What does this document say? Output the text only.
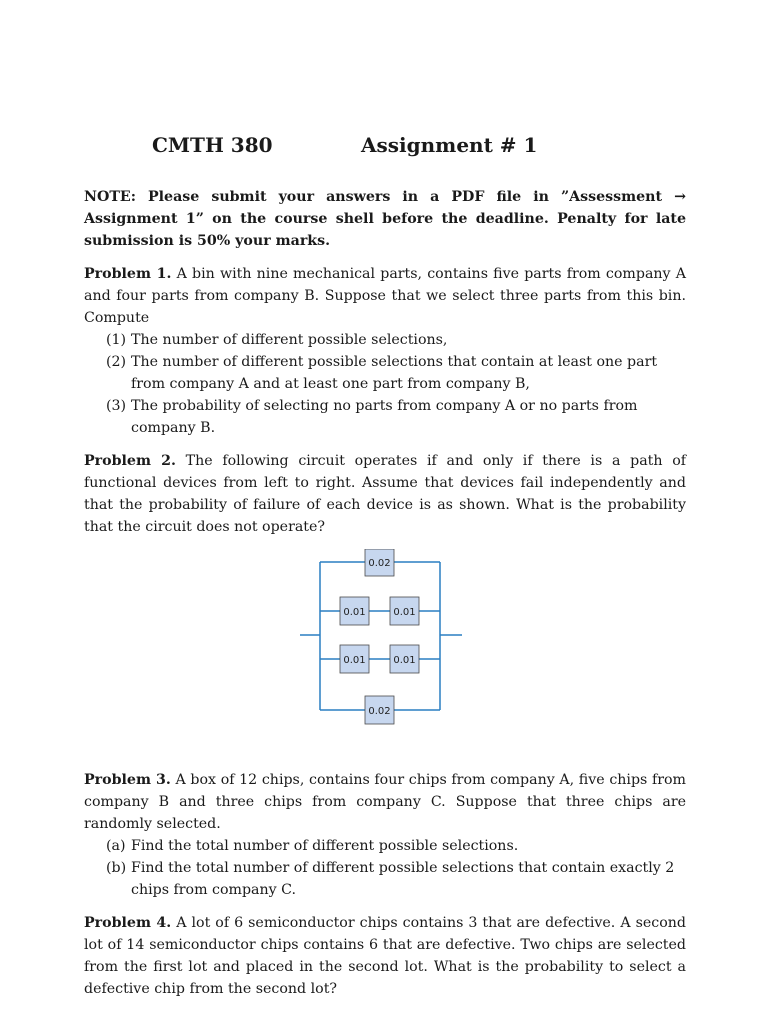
CMTH 380	Assignment # 1

NOTE: Please submit your answers in a PDF file in ”Assessment → Assignment 1” on the course shell before the deadline. Penalty for late submission is 50% your marks.

Problem 1. A bin with nine mechanical parts, contains five parts from company A and four parts from company B. Suppose that we select three parts from this bin. Compute

(1) The number of different possible selections,
(2) The number of different possible selections that contain at least one part from company A and at least one part from company B,
(3) The probability of selecting no parts from company A or no parts from company B.

Problem 2. The following circuit operates if and only if there is a path of functional devices from left to right. Assume that devices fail independently and that the probability of failure of each device is as shown. What is the probability that the circuit does not operate?

0.02
0.01	0.01
0.01	0.01
0.02

Problem 3. A box of 12 chips, contains four chips from company A, five chips from company B and three chips from company C. Suppose that three chips are randomly selected.

(a) Find the total number of different possible selections.
(b) Find the total number of different possible selections that contain exactly 2 chips from company C.

Problem 4. A lot of 6 semiconductor chips contains 3 that are defective. A second lot of 14 semiconductor chips contains 6 that are defective. Two chips are selected from the first lot and placed in the second lot. What is the probability to select a defective chip from the second lot?
